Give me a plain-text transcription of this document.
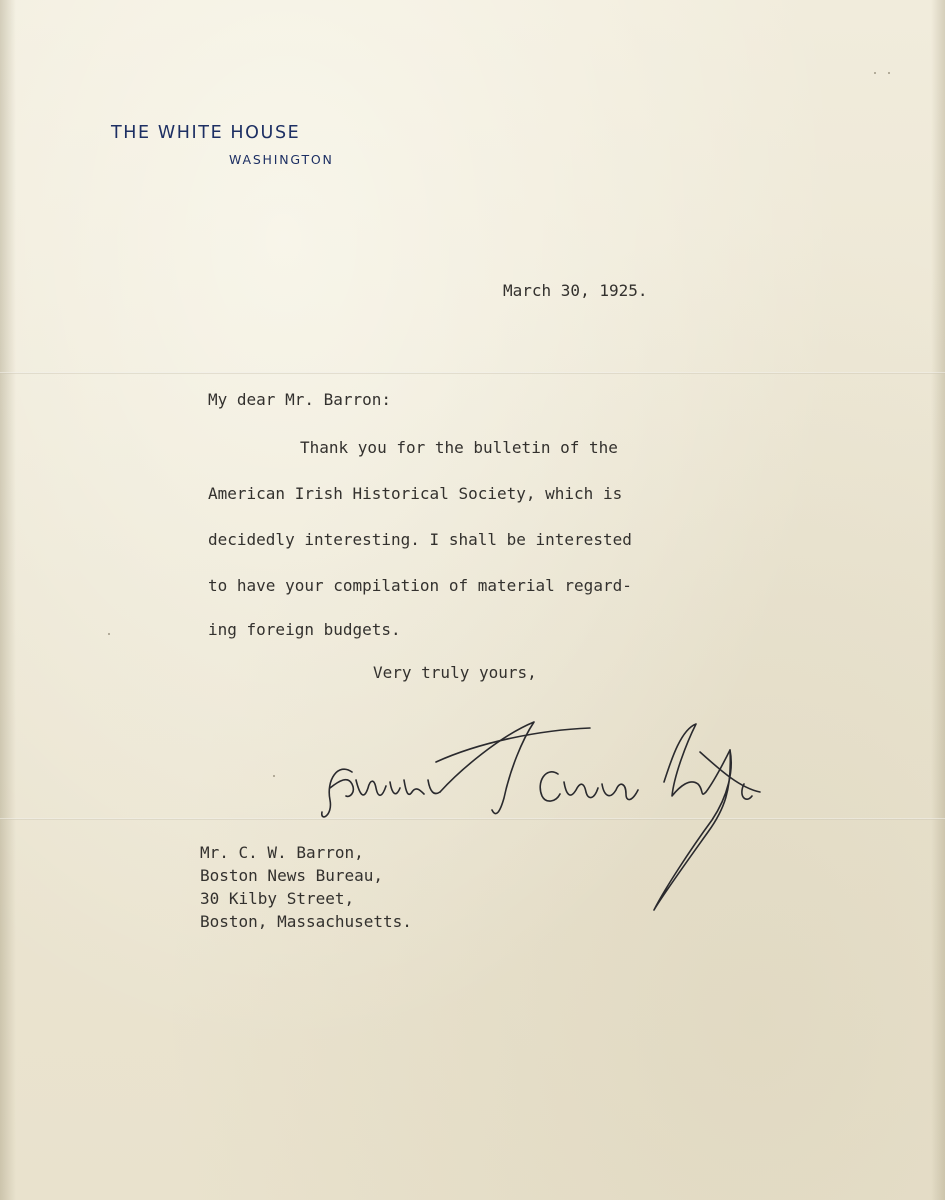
THE WHITE HOUSE
WASHINGTON
March 30, 1925.
My dear Mr. Barron:
Thank you for the bulletin of the
American Irish Historical Society, which is
decidedly interesting. I shall be interested
to have your compilation of material regard-
ing foreign budgets.
Very truly yours,
Mr. C. W. Barron,
Boston News Bureau,
30 Kilby Street,
Boston, Massachusetts.
